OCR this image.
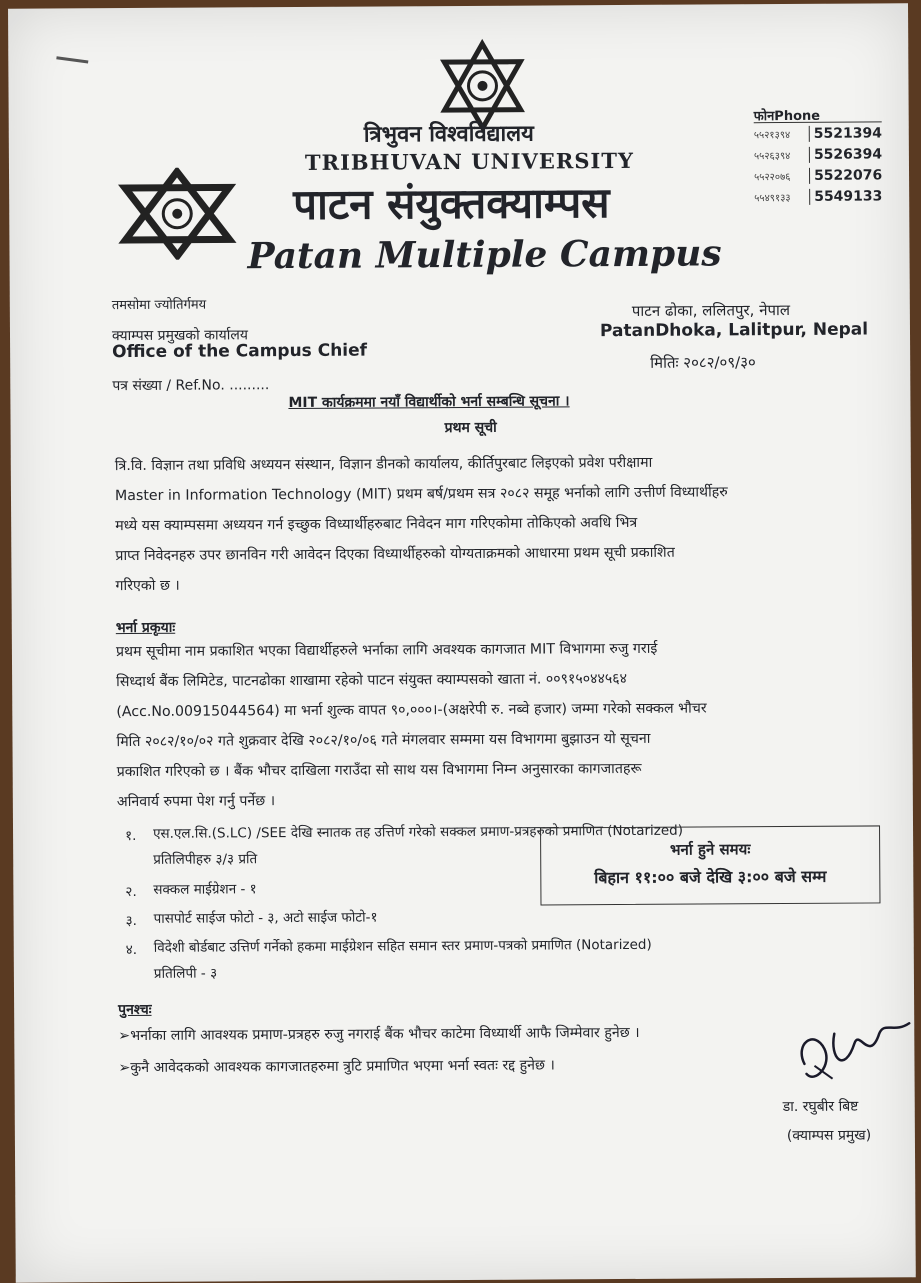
त्रिभुवन विश्वविद्यालय
TRIBHUVAN UNIVERSITY
पाटन संयुक्तक्याम्पस
Patan Multiple Campus
फोनPhone
५५२१३९४	5521394
५५२६३९४	5526394
५५२२०७६	5522076
५५४९१३३	5549133
तमसोमा ज्योतिर्गमय
क्याम्पस प्रमुखको कार्यालय
Office of the Campus Chief
पाटन ढोका, ललितपुर, नेपाल
PatanDhoka, Lalitpur, Nepal
मितिः २०८२/०९/३०
पत्र संख्या / Ref.No. .........
MIT कार्यक्रममा नयाँ विद्यार्थीको भर्ना सम्बन्धि सूचना ।
प्रथम सूची
त्रि.वि. विज्ञान तथा प्रविधि अध्ययन संस्थान, विज्ञान डीनको कार्यालय, कीर्तिपुरबाट लिइएको प्रवेश परीक्षामा
Master in Information Technology (MIT) प्रथम बर्ष/प्रथम सत्र २०८२ समूह भर्नाको लागि उत्तीर्ण विध्यार्थीहरु
मध्ये यस क्याम्पसमा अध्ययन गर्न इच्छुक विध्यार्थीहरुबाट निवेदन माग गरिएकोमा तोकिएको अवधि भित्र
प्राप्त निवेदनहरु उपर छानविन गरी आवेदन दिएका विध्यार्थीहरुको योग्यताक्रमको आधारमा प्रथम सूची प्रकाशित
गरिएको छ ।
भर्ना प्रकृयाः
प्रथम सूचीमा नाम प्रकाशित भएका विद्यार्थीहरुले भर्नाका लागि अवश्यक कागजात MIT विभागमा रुजु गराई
सिध्दार्थ बैंक लिमिटेड, पाटनढोका शाखामा रहेको पाटन संयुक्त क्याम्पसको खाता नं. ००९१५०४४५६४
(Acc.No.00915044564) मा भर्ना शुल्क वापत ९०,०००।-(अक्षरेपी रु. नब्वे हजार) जम्मा गरेको सक्कल भौचर
मिति २०८२/१०/०२ गते शुक्रवार देखि २०८२/१०/०६ गते मंगलवार सम्ममा यस विभागमा बुझाउन यो सूचना
प्रकाशित गरिएको छ । बैंक भौचर दाखिला गराउँदा सो साथ यस विभागमा निम्न अनुसारका कागजातहरू
अनिवार्य रुपमा पेश गर्नु पर्नेछ ।
१. एस.एल.सि.(S.LC) /SEE देखि स्नातक तह उत्तिर्ण गरेको सक्कल प्रमाण-प्रत्रहरुको प्रमाणित (Notarized)
प्रतिलिपीहरु ३/३ प्रति
२. सक्कल माईग्रेशन - १
३. पासपोर्ट साईज फोटो - ३, अटो साईज फोटो-१
४. विदेशी बोर्डबाट उत्तिर्ण गर्नेको हकमा माईग्रेशन सहित समान स्तर प्रमाण-पत्रको प्रमाणित (Notarized)
प्रतिलिपी - ३
भर्ना हुने समयः
बिहान ११:०० बजे देखि ३:०० बजे सम्म
पुनश्चः
➢भर्नाका लागि आवश्यक प्रमाण-प्रत्रहरु रुजु नगराई बैंक भौचर काटेमा विध्यार्थी आफै जिम्मेवार हुनेछ ।
➢कुनै आवेदकको आवश्यक कागजातहरुमा त्रुटि प्रमाणित भएमा भर्ना स्वतः रद्द हुनेछ ।
डा. रघुबीर बिष्ट
(क्याम्पस प्रमुख)
